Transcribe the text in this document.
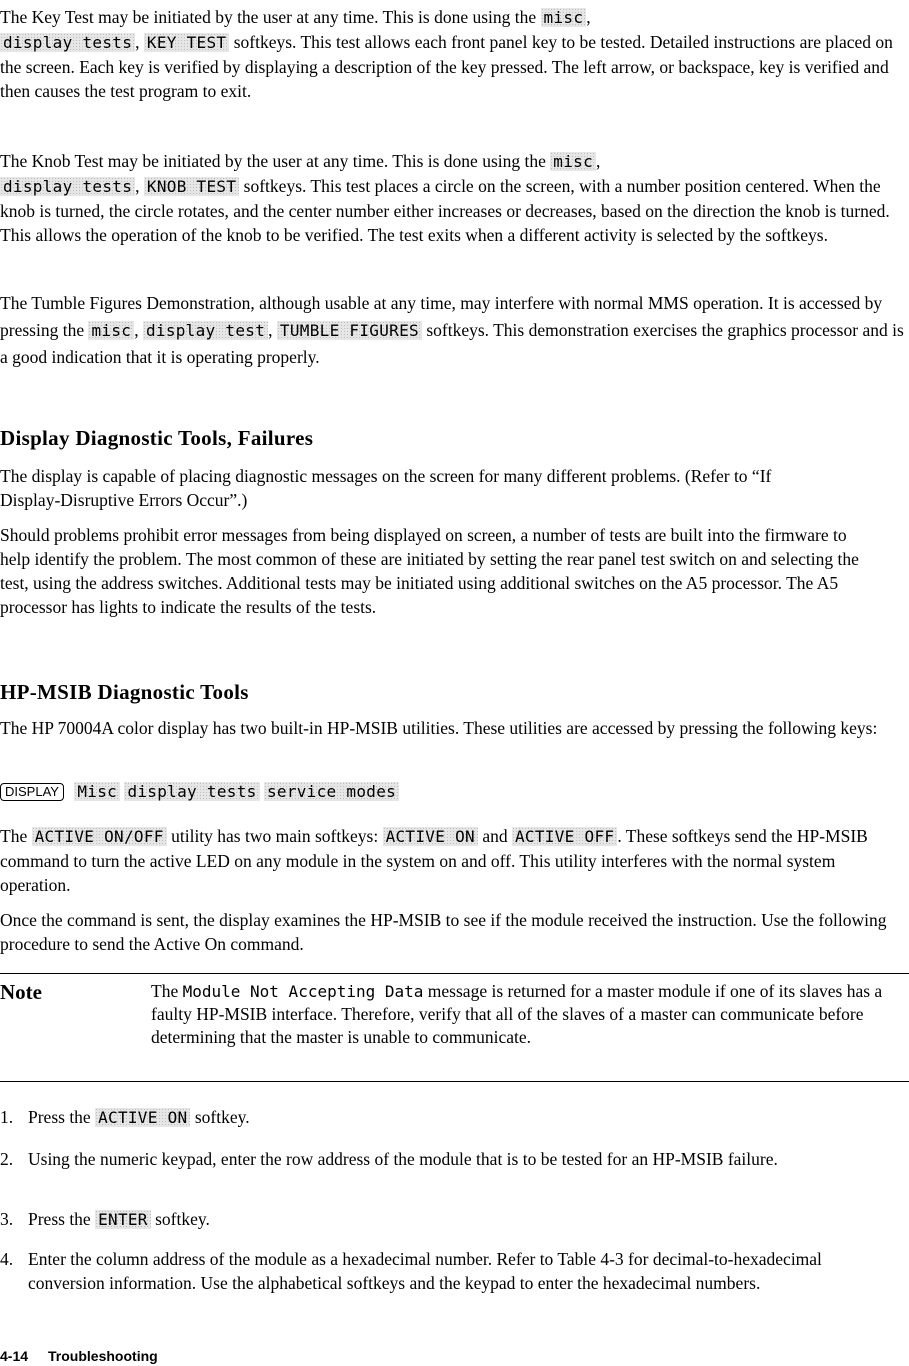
The Key Test may be initiated by the user at any time. This is done using the misc ,
display tests , KEY TEST softkeys. This test allows each front panel key to be tested. Detailed instructions are placed on the screen. Each key is verified by displaying a description of the key pressed. The left arrow, or backspace, key is verified and then causes the test program to exit.

The Knob Test may be initiated by the user at any time. This is done using the misc ,
display tests , KNOB TEST softkeys. This test places a circle on the screen, with a number position centered. When the knob is turned, the circle rotates, and the center number either increases or decreases, based on the direction the knob is turned. This allows the operation of the knob to be verified. The test exits when a different activity is selected by the softkeys.

The Tumble Figures Demonstration, although usable at any time, may interfere with normal MMS operation. It is accessed by pressing the misc , display test , TUMBLE FIGURES softkeys. This demonstration exercises the graphics processor and is a good indication that it is operating properly.

Display Diagnostic Tools, Failures

The display is capable of placing diagnostic messages on the screen for many different problems. (Refer to “If Display-Disruptive Errors Occur”.)

Should problems prohibit error messages from being displayed on screen, a number of tests are built into the firmware to help identify the problem. The most common of these are initiated by setting the rear panel test switch on and selecting the test, using the address switches. Additional tests may be initiated using additional switches on the A5 processor. The A5 processor has lights to indicate the results of the tests.

HP-MSIB Diagnostic Tools

The HP 70004A color display has two built-in HP-MSIB utilities. These utilities are accessed by pressing the following keys:

DISPLAY Misc display tests service modes

The ACTIVE ON/OFF utility has two main softkeys: ACTIVE ON and ACTIVE OFF . These softkeys send the HP-MSIB command to turn the active LED on any module in the system on and off. This utility interferes with the normal system operation.

Once the command is sent, the display examines the HP-MSIB to see if the module received the instruction. Use the following procedure to send the Active On command.

Note	The Module Not Accepting Data message is returned for a master module if one of its slaves has a faulty HP-MSIB interface. Therefore, verify that all of the slaves of a master can communicate before determining that the master is unable to communicate.

1. Press the ACTIVE ON softkey.
2. Using the numeric keypad, enter the row address of the module that is to be tested for an HP-MSIB failure.
3. Press the ENTER softkey.
4. Enter the column address of the module as a hexadecimal number. Refer to Table 4-3 for decimal-to-hexadecimal conversion information. Use the alphabetical softkeys and the keypad to enter the hexadecimal numbers.
4-14 Troubleshooting
